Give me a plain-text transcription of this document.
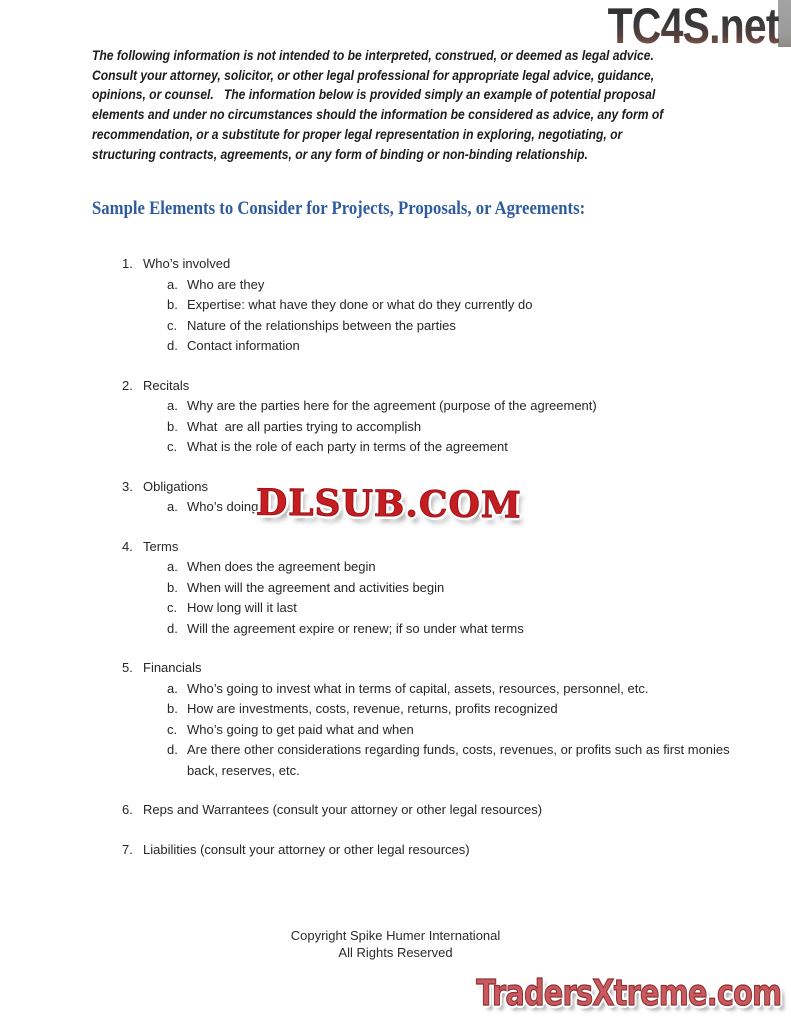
TC4S.net
The following information is not intended to be interpreted, construed, or deemed as legal advice.
Consult your attorney, solicitor, or other legal professional for appropriate legal advice, guidance,
opinions, or counsel.   The information below is provided simply an example of potential proposal
elements and under no circumstances should the information be considered as advice, any form of
recommendation, or a substitute for proper legal representation in exploring, negotiating, or
structuring contracts, agreements, or any form of binding or non-binding relationship.
Sample Elements to Consider for Projects, Proposals, or Agreements:
1. Who’s involved
a. Who are they
b. Expertise: what have they done or what do they currently do
c. Nature of the relationships between the parties
d. Contact information
2. Recitals
a. Why are the parties here for the agreement (purpose of the agreement)
b. What  are all parties trying to accomplish
c. What is the role of each party in terms of the agreement
3. Obligations
a. Who’s doing
4. Terms
a. When does the agreement begin
b. When will the agreement and activities begin
c. How long will it last
d. Will the agreement expire or renew; if so under what terms
5. Financials
a. Who’s going to invest what in terms of capital, assets, resources, personnel, etc.
b. How are investments, costs, revenue, returns, profits recognized
c. Who’s going to get paid what and when
d. Are there other considerations regarding funds, costs, revenues, or profits such as first monies back, reserves, etc.
6. Reps and Warrantees (consult your attorney or other legal resources)
7. Liabilities (consult your attorney or other legal resources)
DLSUB.COM
Copyright Spike Humer International
All Rights Reserved
TradersXtreme.com
